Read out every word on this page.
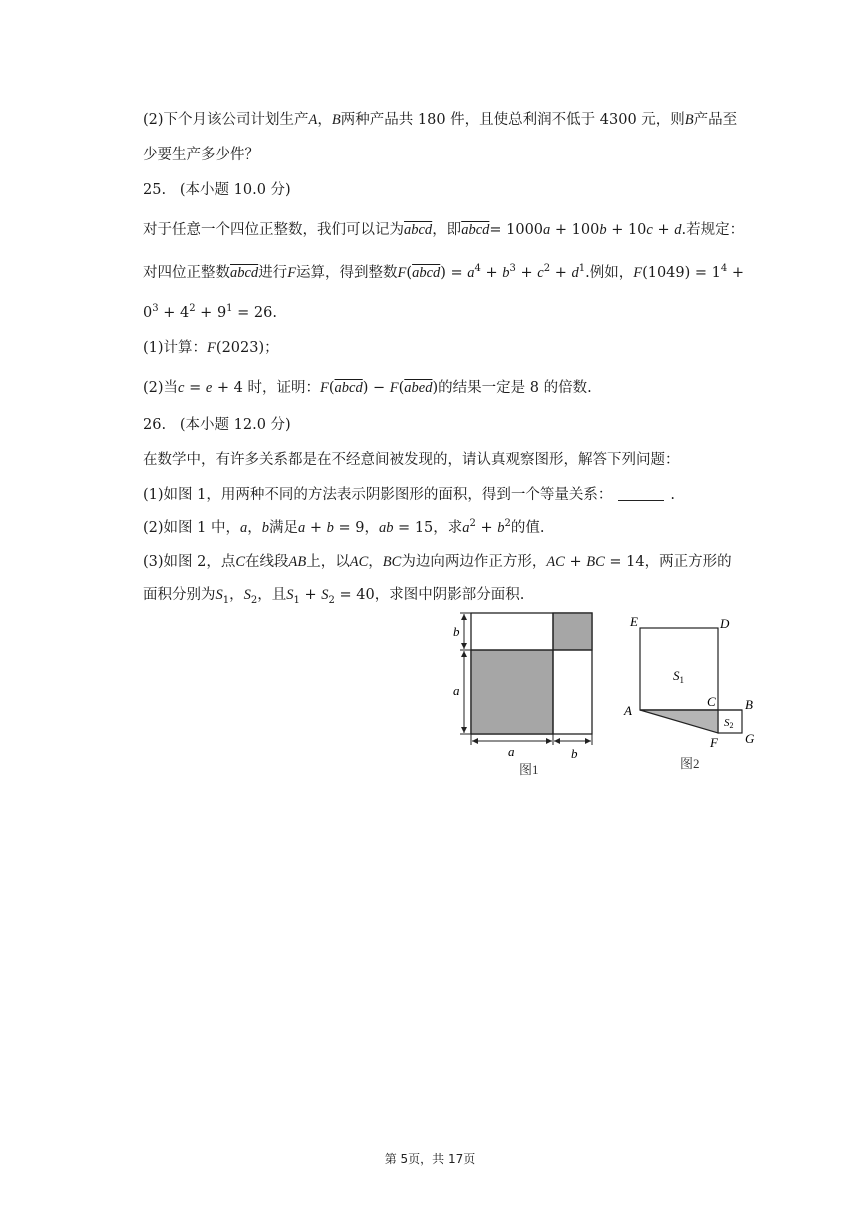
(2)下个月该公司计划生产A，B两种产品共 180 件，且使总利润不低于 4300 元，则B产品至
少要生产多少件？
25. (本小题 10.0 分)
对于任意一个四位正整数，我们可以记为abcd，即abcd= 1000a + 100b + 10c + d.若规定：
对四位正整数abcd进行F运算，得到整数F(abcd) = $a^4 + b^3 + c^2 + d^1$.例如，$F(1049) = 1^4$ +
$0^3 + 4^2 + 9^1 = 26$.
(1)计算：F(2023)；
(2)当c = e + 4 时，证明：F(abcd) − F(abed)的结果一定是 8 的倍数.
26. (本小题 12.0 分)
在数学中，有许多关系都是在不经意间被发现的，请认真观察图形，解答下列问题：
(1)如图 1，用两种不同的方法表示阴影图形的面积，得到一个等量关系：	.
(2)如图 1 中，a，b满足a + b = 9，ab = 15，求$a^2 + b^2$的值.
(3)如图 2，点C在线段AB上，以AC，BC为边向两边作正方形，AC + BC = 14，两正方形的
面积分别为$S_1$，$S_2$，且$S_1 + S_2 = 40$，求图中阴影部分面积.
b
a
a	b
图1
E	D
$S_1$
A
C B
S2
F G
图2
第 5页，共 17页
